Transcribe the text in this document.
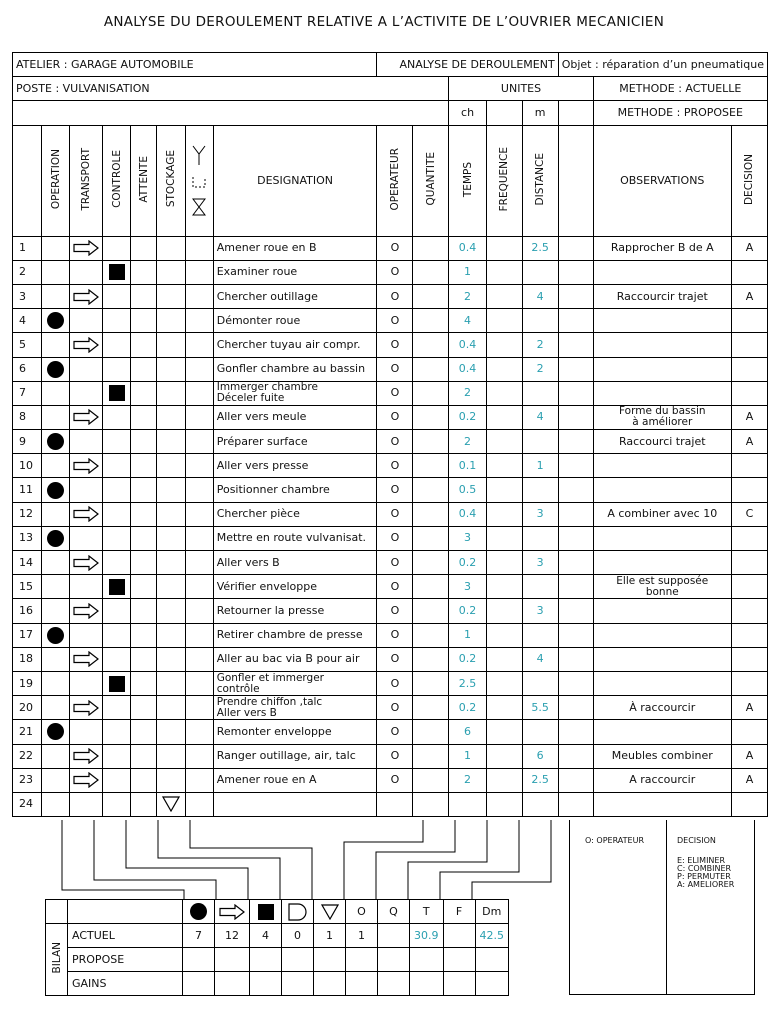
ANALYSE DU DEROULEMENT RELATIVE A L’ACTIVITE DE L’OUVRIER MECANICIEN
ATELIER : GARAGE AUTOMOBILE								ANALYSE DE DEROULEMENT					Objet : réparation d’un pneumatique		
POSTE : VULVANISATION										UNITES				METHODE : ACTUELLE	
										ch		m		METHODE : PROPOSEE	
	OPERATION	TRANSPORT	CONTROLE	ATTENTE	STOCKAGE		DESIGNATION	OPERATEUR	QUANTITE	TEMPS	FREQUENCE	DISTANCE		OBSERVATIONS	DECISION
1							Amener roue en B	O		0.4		2.5		Rapprocher B de A	A
2							Examiner roue	O		1					
3							Chercher outillage	O		2		4		Raccourcir trajet	A
4							Démonter roue	O		4					
5							Chercher tuyau air compr.	O		0.4		2			
6							Gonfler chambre au bassin	O		0.4		2			
7							Immerger chambre
Déceler fuite	O		2					
8							Aller vers meule	O		0.2		4		Forme du bassin
à améliorer	A
9							Préparer surface	O		2				Raccourci trajet	A
10							Aller vers presse	O		0.1		1			
11							Positionner chambre	O		0.5					
12							Chercher pièce	O		0.4		3		A combiner avec 10	C
13							Mettre en route vulvanisat.	O		3					
14							Aller vers B	O		0.2		3			
15							Vérifier enveloppe	O		3				Elle est supposée
bonne	
16							Retourner la presse	O		0.2		3			
17							Retirer chambre de presse	O		1					
18							Aller au bac via B pour air	O		0.2		4			
19							Gonfler et immerger
contrôle	O		2.5					
20							Prendre chiffon ,talc
Aller vers B	O		0.2		5.5		À raccourcir	A
21							Remonter enveloppe	O		6					
22							Ranger outillage, air, talc	O		1		6		Meubles combiner	A
23							Amener roue en A	O		2		2.5		A raccourcir	A
24															
							O	Q	T	F	Dm
BILAN	ACTUEL	7	12	4	0	1	1		30.9		42.5
	PROPOSE										
	GAINS										
O: OPERATEUR	DECISION
E: ELIMINER
C: COMBINER
P: PERMUTER
A: AMELIORER
